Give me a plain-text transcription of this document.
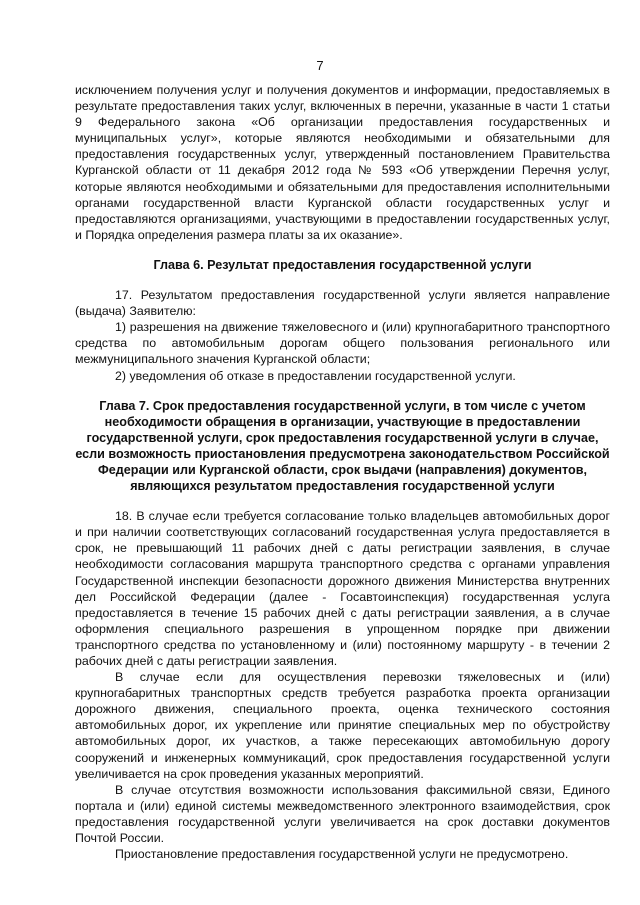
7

исключением получения услуг и получения документов и информации, предоставляемых в результате предоставления таких услуг, включенных в перечни, указанные в части 1 статьи 9 Федерального закона «Об организации предоставления государственных и муниципальных услуг», которые являются необходимыми и обязательными для предоставления государственных услуг, утвержденный постановлением Правительства Курганской области от 11 декабря 2012 года № 593 «Об утверждении Перечня услуг, которые являются необходимыми и обязательными для предоставления исполнительными органами государственной власти Курганской области государственных услуг и предоставляются организациями, участвующими в предоставлении государственных услуг, и Порядка определения размера платы за их оказание».

Глава 6. Результат предоставления государственной услуги

17. Результатом предоставления государственной услуги является направление (выдача) Заявителю:

1) разрешения на движение тяжеловесного и (или) крупногабаритного транспортного средства по автомобильным дорогам общего пользования регионального или межмуниципального значения Курганской области;

2) уведомления об отказе в предоставлении государственной услуги.

Глава 7. Срок предоставления государственной услуги, в том числе с учетом необходимости обращения в организации, участвующие в предоставлении государственной услуги, срок предоставления государственной услуги в случае, если возможность приостановления предусмотрена законодательством Российской Федерации или Курганской области, срок выдачи (направления) документов, являющихся результатом предоставления государственной услуги

18. В случае если требуется согласование только владельцев автомобильных дорог и при наличии соответствующих согласований государственная услуга предоставляется в срок, не превышающий 11 рабочих дней с даты регистрации заявления, в случае необходимости согласования маршрута транспортного средства с органами управления Государственной инспекции безопасности дорожного движения Министерства внутренних дел Российской Федерации (далее - Госавтоинспекция) государственная услуга предоставляется в течение 15 рабочих дней с даты регистрации заявления, а в случае оформления специального разрешения в упрощенном порядке при движении транспортного средства по установленному и (или) постоянному маршруту - в течении 2 рабочих дней с даты регистрации заявления.

В случае если для осуществления перевозки тяжеловесных и (или) крупногабаритных транспортных средств требуется разработка проекта организации дорожного движения, специального проекта, оценка технического состояния автомобильных дорог, их укрепление или принятие специальных мер по обустройству автомобильных дорог, их участков, а также пересекающих автомобильную дорогу сооружений и инженерных коммуникаций, срок предоставления государственной услуги увеличивается на срок проведения указанных мероприятий.

В случае отсутствия возможности использования факсимильной связи, Единого портала и (или) единой системы межведомственного электронного взаимодействия, срок предоставления государственной услуги увеличивается на срок доставки документов Почтой России.

Приостановление предоставления государственной услуги не предусмотрено.
